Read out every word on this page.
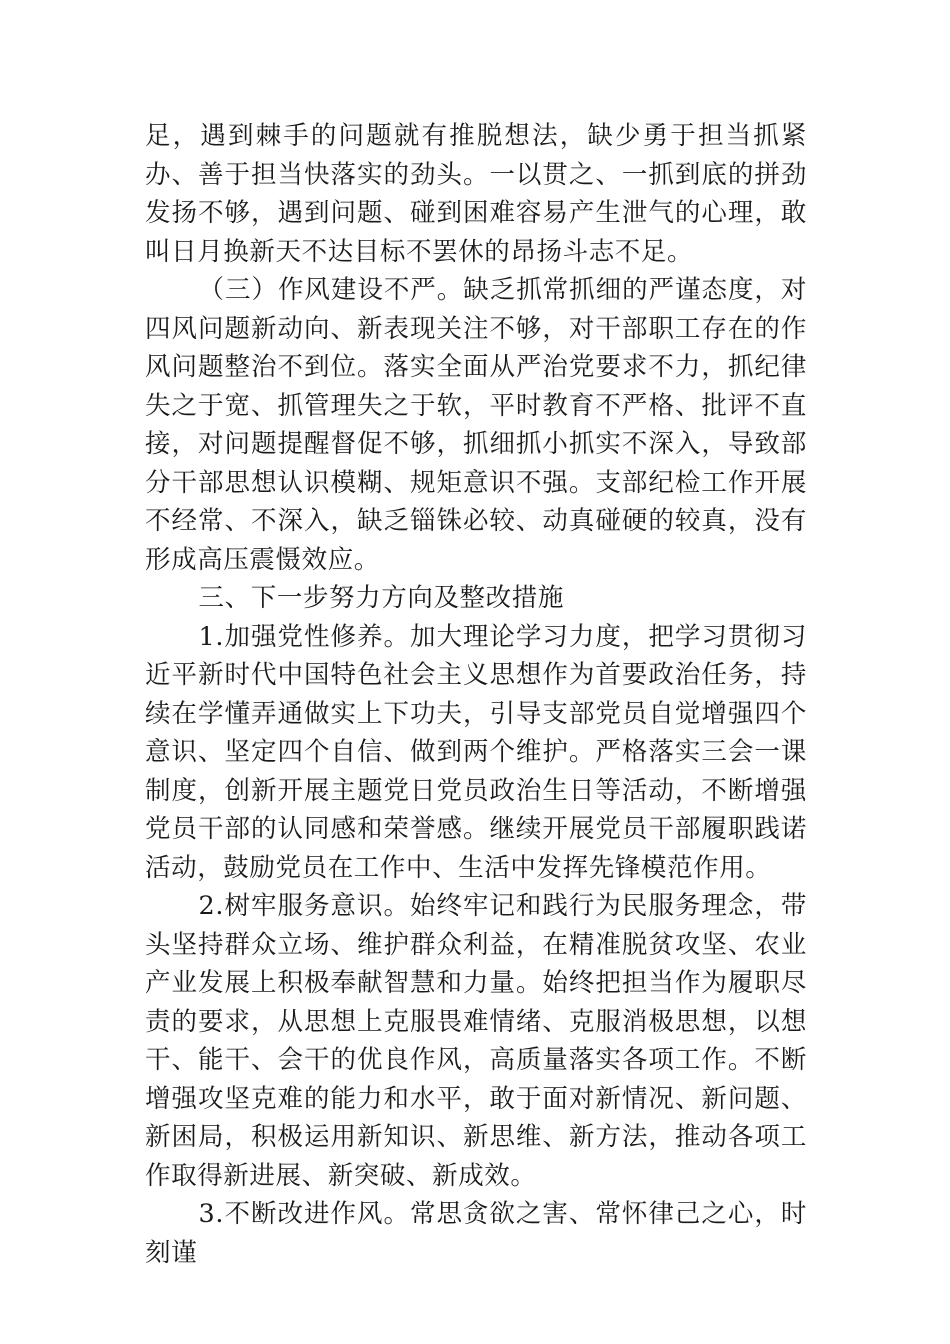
足，遇到棘手的问题就有推脱想法，缺少勇于担当抓紧办、善于担当快落实的劲头。一以贯之、一抓到底的拼劲发扬不够，遇到问题、碰到困难容易产生泄气的心理，敢叫日月换新天不达目标不罢休的昂扬斗志不足。

（三）作风建设不严。缺乏抓常抓细的严谨态度，对四风问题新动向、新表现关注不够，对干部职工存在的作风问题整治不到位。落实全面从严治党要求不力，抓纪律失之于宽、抓管理失之于软，平时教育不严格、批评不直接，对问题提醒督促不够，抓细抓小抓实不深入，导致部分干部思想认识模糊、规矩意识不强。支部纪检工作开展不经常、不深入，缺乏锱铢必较、动真碰硬的较真，没有形成高压震慑效应。

三、下一步努力方向及整改措施

1.加强党性修养。加大理论学习力度，把学习贯彻习近平新时代中国特色社会主义思想作为首要政治任务，持续在学懂弄通做实上下功夫，引导支部党员自觉增强四个意识、坚定四个自信、做到两个维护。严格落实三会一课制度，创新开展主题党日党员政治生日等活动，不断增强党员干部的认同感和荣誉感。继续开展党员干部履职践诺活动，鼓励党员在工作中、生活中发挥先锋模范作用。

2.树牢服务意识。始终牢记和践行为民服务理念，带头坚持群众立场、维护群众利益，在精准脱贫攻坚、农业产业发展上积极奉献智慧和力量。始终把担当作为履职尽责的要求，从思想上克服畏难情绪、克服消极思想，以想干、能干、会干的优良作风，高质量落实各项工作。不断增强攻坚克难的能力和水平，敢于面对新情况、新问题、新困局，积极运用新知识、新思维、新方法，推动各项工作取得新进展、新突破、新成效。

3.不断改进作风。常思贪欲之害、常怀律己之心，时刻谨
